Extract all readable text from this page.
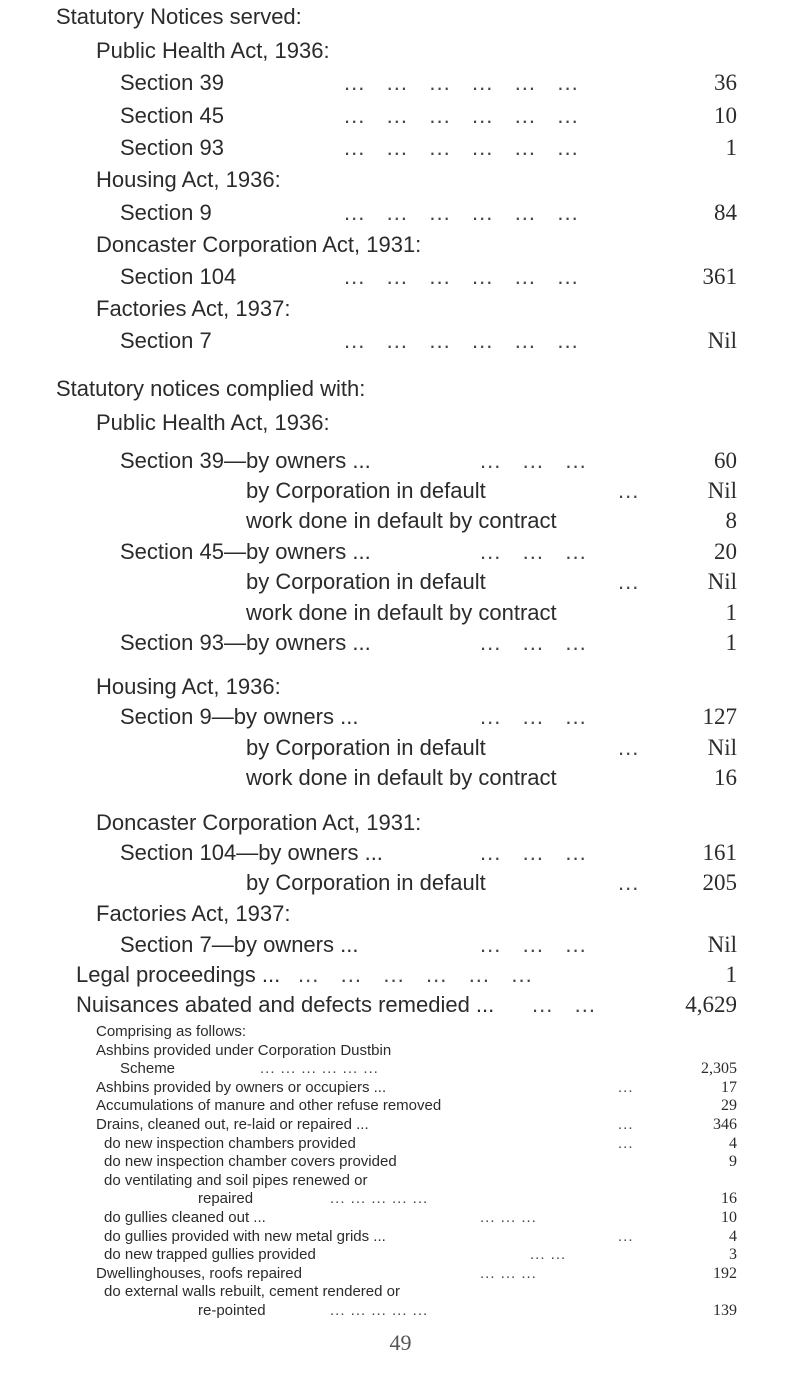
Statutory Notices served:
Public Health Act, 1936:
Section 39	...   ...   ...   ...   ...   ...	36
Section 45	...   ...   ...   ...   ...   ...	10
Section 93	...   ...   ...   ...   ...   ...	1
Housing Act, 1936:
Section 9	...   ...   ...   ...   ...   ...	84
Doncaster Corporation Act, 1931:
Section 104	...   ...   ...   ...   ...   ...	361
Factories Act, 1937:
Section 7	...   ...   ...   ...   ...   ...	Nil
Statutory notices complied with:
Public Health Act, 1936:
Section 39—by owners ...	...   ...   ...	60
by Corporation in default	...	Nil
work done in default by contract	8
Section 45—by owners ...	...   ...   ...	20
by Corporation in default	...	Nil
work done in default by contract	1
Section 93—by owners ...	...   ...   ...	1
Housing Act, 1936:
Section 9—by owners ...	...   ...   ...	127
by Corporation in default	...	Nil
work done in default by contract	16
Doncaster Corporation Act, 1931:
Section 104—by owners ...	...   ...   ...	161
by Corporation in default	...	205
Factories Act, 1937:
Section 7—by owners ...	...   ...   ...	Nil
Legal proceedings ... ...   ...   ...   ...   ...   ...	1
Nuisances abated and defects remedied ... ...   ...	4,629
49
Comprising as follows:
Ashbins provided under Corporation Dustbin
Scheme	... ... ... ... ... ...	2,305
Ashbins provided by owners or occupiers ...	...	17
Accumulations of manure and other refuse removed	29
Drains, cleaned out, re-laid or repaired ...	...	346
do new inspection chambers provided	...	4
do new inspection chamber covers provided	9
do ventilating and soil pipes renewed or
repaired	... ... ... ... ...	16
do gullies cleaned out ...	... ... ...	10
do gullies provided with new metal grids ...	...	4
do new trapped gullies provided	... ...	3
Dwellinghouses, roofs repaired	... ... ...	192
do external walls rebuilt, cement rendered or
re-pointed	... ... ... ... ...	139
